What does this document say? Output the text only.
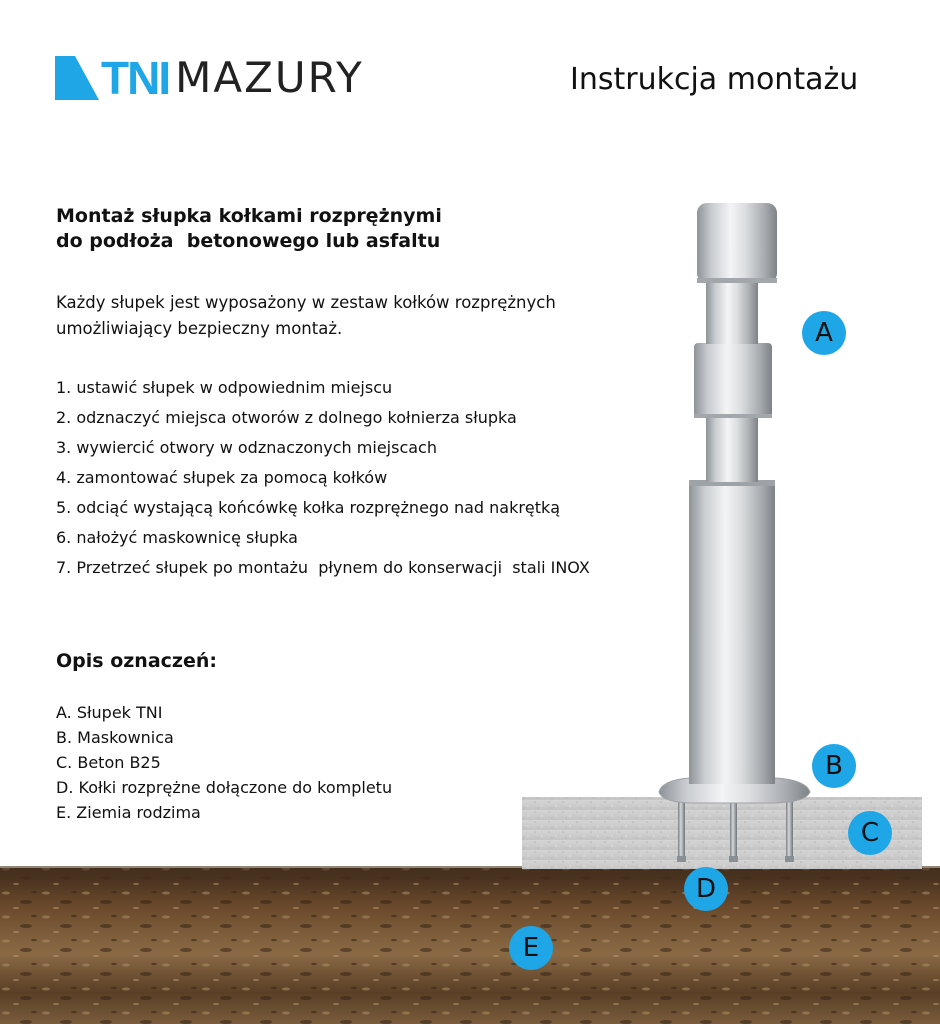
TNI MAZURY	Instrukcja montażu
Montaż słupka kołkami rozprężnymi
do podłoża  betonowego lub asfaltu
Każdy słupek jest wyposażony w zestaw kołków rozprężnych
umożliwiający bezpieczny montaż.
1. ustawić słupek w odpowiednim miejscu
2. odznaczyć miejsca otworów z dolnego kołnierza słupka
3. wywiercić otwory w odznaczonych miejscach
4. zamontować słupek za pomocą kołków
5. odciąć wystającą końcówkę kołka rozprężnego nad nakrętką
6. nałożyć maskownicę słupka
7. Przetrzeć słupek po montażu  płynem do konserwacji  stali INOX
Opis oznaczeń:
A. Słupek TNI
B. Maskownica
C. Beton B25
D. Kołki rozprężne dołączone do kompletu
E. Ziemia rodzima
A
B
C
D
E
